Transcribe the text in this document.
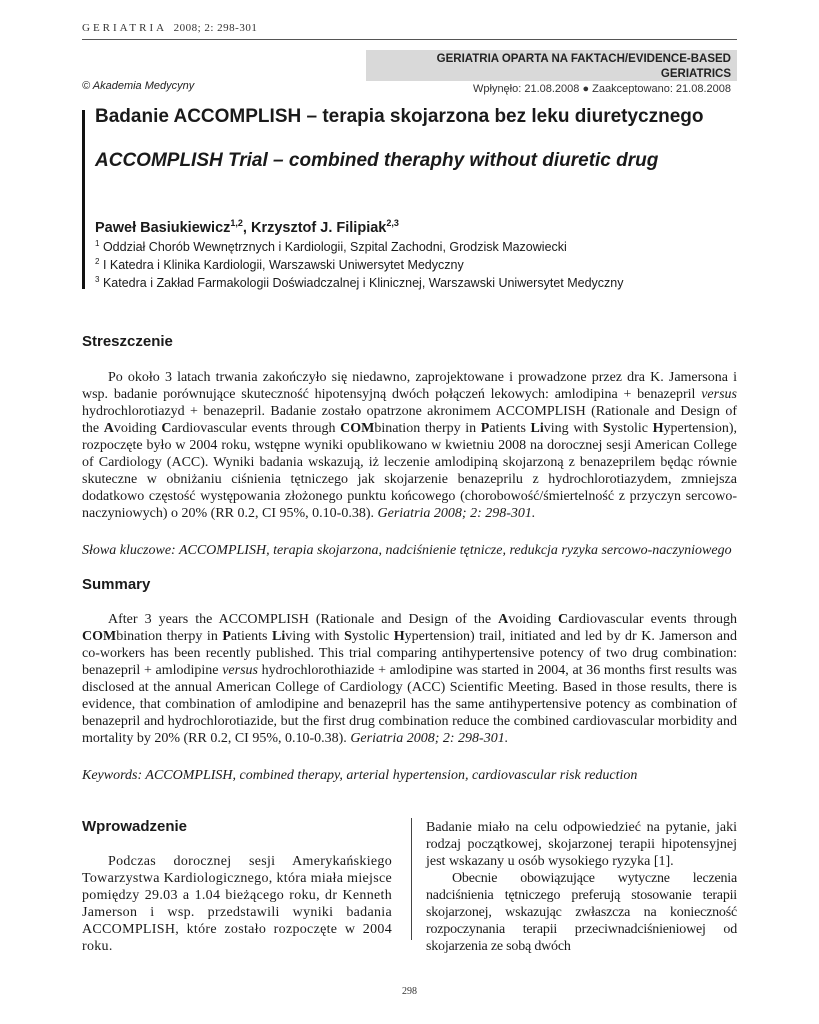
GERIATRIA 2008; 2: 298-301
GERIATRIA OPARTA NA FAKTACH/EVIDENCE-BASED GERIATRICS
Wpłynęło: 21.08.2008 ● Zaakceptowano: 21.08.2008
© Akademia Medycyny
Badanie ACCOMPLISH – terapia skojarzona bez leku diuretycznego
ACCOMPLISH Trial – combined theraphy without diuretic drug
Paweł Basiukiewicz$^{1,2}$, Krzysztof J. Filipiak$^{2,3}$
$^1$ Oddział Chorób Wewnętrznych i Kardiologii, Szpital Zachodni, Grodzisk Mazowiecki
$^2$ I Katedra i Klinika Kardiologii, Warszawski Uniwersytet Medyczny
$^3$ Katedra i Zakład Farmakologii Doświadczalnej i Klinicznej, Warszawski Uniwersytet Medyczny
Streszczenie

Po około 3 latach trwania zakończyło się niedawno, zaprojektowane i prowadzone przez dra K. Jamersona i wsp. badanie porównujące skuteczność hipotensyjną dwóch połączeń lekowych: amlodipina + benazepril versus hydrochlorotiazyd + benazepril. Badanie zostało opatrzone akronimem ACCOMPLISH (Rationale and Design of the Avoiding Cardiovascular events through COMbination therpy in Patients Living with Systolic Hypertension), rozpoczęte było w 2004 roku, wstępne wyniki opublikowano w kwietniu 2008 na dorocznej sesji American College of Cardiology (ACC). Wyniki badania wskazują, iż leczenie amlodipiną skojarzoną z benazeprilem będąc równie skuteczne w obniżaniu ciśnienia tętniczego jak skojarzenie benazeprilu z hydrochlorotiazydem, zmniejsza dodatkowo częstość występowania złożonego punktu końcowego (chorobowość/śmiertelność z przyczyn sercowo-naczyniowych) o 20% (RR 0.2, CI 95%, 0.10-0.38). Geriatria 2008; 2: 298-301.

Słowa kluczowe: ACCOMPLISH, terapia skojarzona, nadciśnienie tętnicze, redukcja ryzyka sercowo-naczyniowego

Summary

After 3 years the ACCOMPLISH (Rationale and Design of the Avoiding Cardiovascular events through COMbination therpy in Patients Living with Systolic Hypertension) trail, initiated and led by dr K. Jamerson and co-workers has been recently published. This trial comparing antihypertensive potency of two drug combination: benazepril + amlodipine versus hydrochlorothiazide + amlodipine was started in 2004, at 36 months first results was disclosed at the annual American College of Cardiology (ACC) Scientific Meeting. Based in those results, there is evidence, that combination of amlodipine and benazepril has the same antihypertensive potency as combination of benazepril and hydrochlorotiazide, but the first drug combination reduce the combined cardiovascular morbidity and mortality by 20% (RR 0.2, CI 95%, 0.10-0.38). Geriatria 2008; 2: 298-301.

Keywords: ACCOMPLISH, combined therapy, arterial hypertension, cardiovascular risk reduction

Wprowadzenie

Podczas dorocznej sesji Amerykańskiego Towarzystwa Kardiologicznego, która miała miejsce pomiędzy 29.03 a 1.04 bieżącego roku, dr Kenneth Jamerson i wsp. przedstawili wyniki badania ACCOMPLISH, które zostało rozpoczęte w 2004 roku.

Badanie miało na celu odpowiedzieć na pytanie, jaki rodzaj początkowej, skojarzonej terapii hipotensyjnej jest wskazany u osób wysokiego ryzyka [1].

Obecnie obowiązujące wytyczne leczenia nadciśnienia tętniczego preferują stosowanie terapii skojarzonej, wskazując zwłaszcza na konieczność rozpoczynania terapii przeciwnadciśnieniowej od skojarzenia ze sobą dwóch

298
